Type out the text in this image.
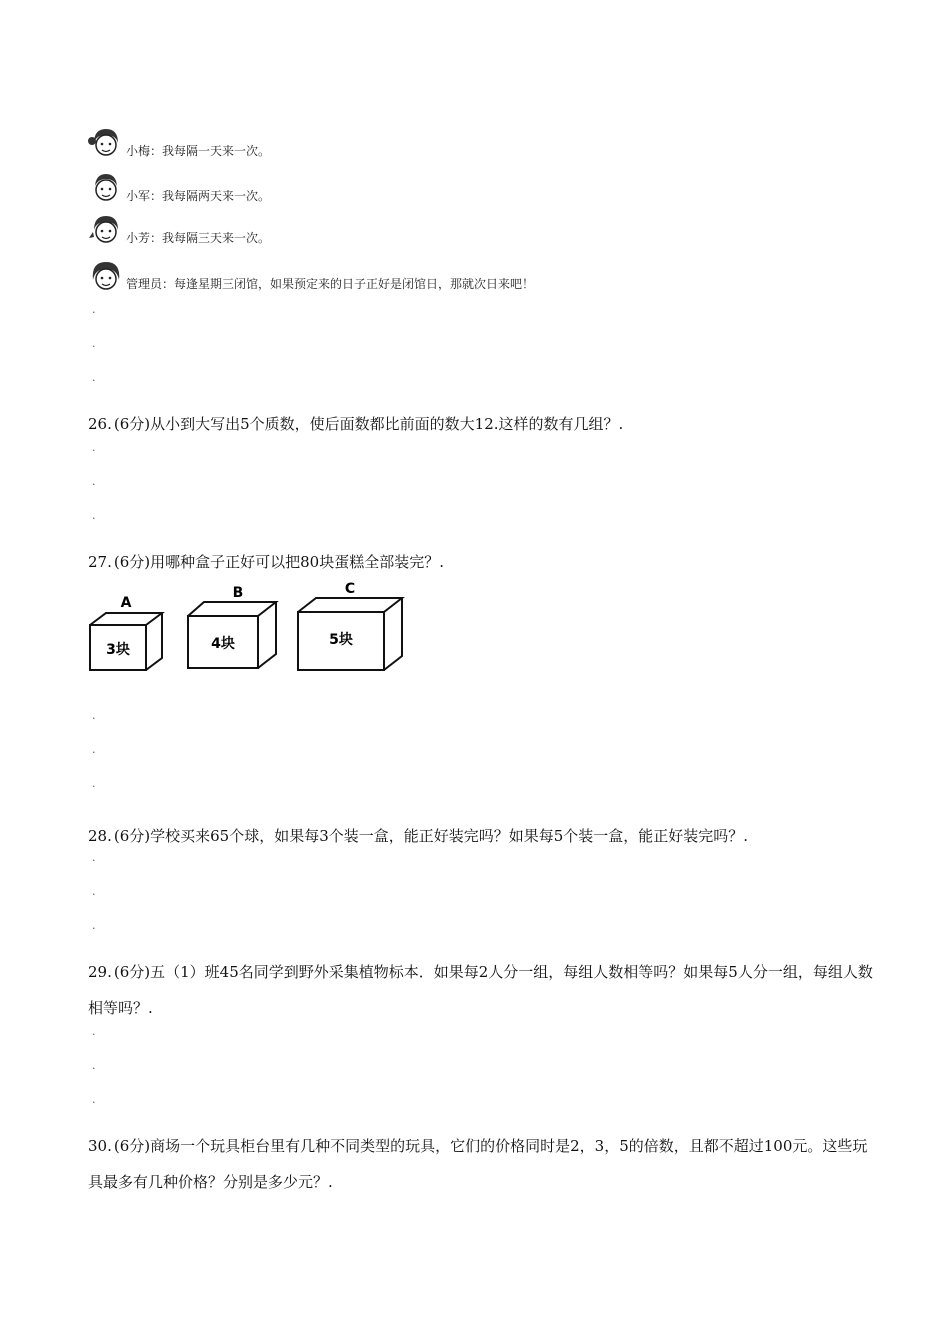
小梅：我每隔一天来一次。
小军：我每隔两天来一次。
小芳：我每隔三天来一次。
管理员：每逢星期三闭馆，如果预定来的日子正好是闭馆日，那就次日来吧！
.
.
.
26. (6分)从小到大写出5个质数，使后面数都比前面的数大12.这样的数有几组？.
.
.
.
27. (6分)用哪种盒子正好可以把80块蛋糕全部装完？.
A
3块
B
4块
C
5块
.
.
.
28. (6分)学校买来65个球，如果每3个装一盒，能正好装完吗？如果每5个装一盒，能正好装完吗？.
.
.
.
29. (6分)五（1）班45名同学到野外采集植物标本．如果每2人分一组，每组人数相等吗？如果每5人分一组，每组人数相等吗？.
.
.
.
30. (6分)商场一个玩具柜台里有几种不同类型的玩具，它们的价格同时是2，3，5的倍数，且都不超过100元。这些玩具最多有几种价格？分别是多少元？.
